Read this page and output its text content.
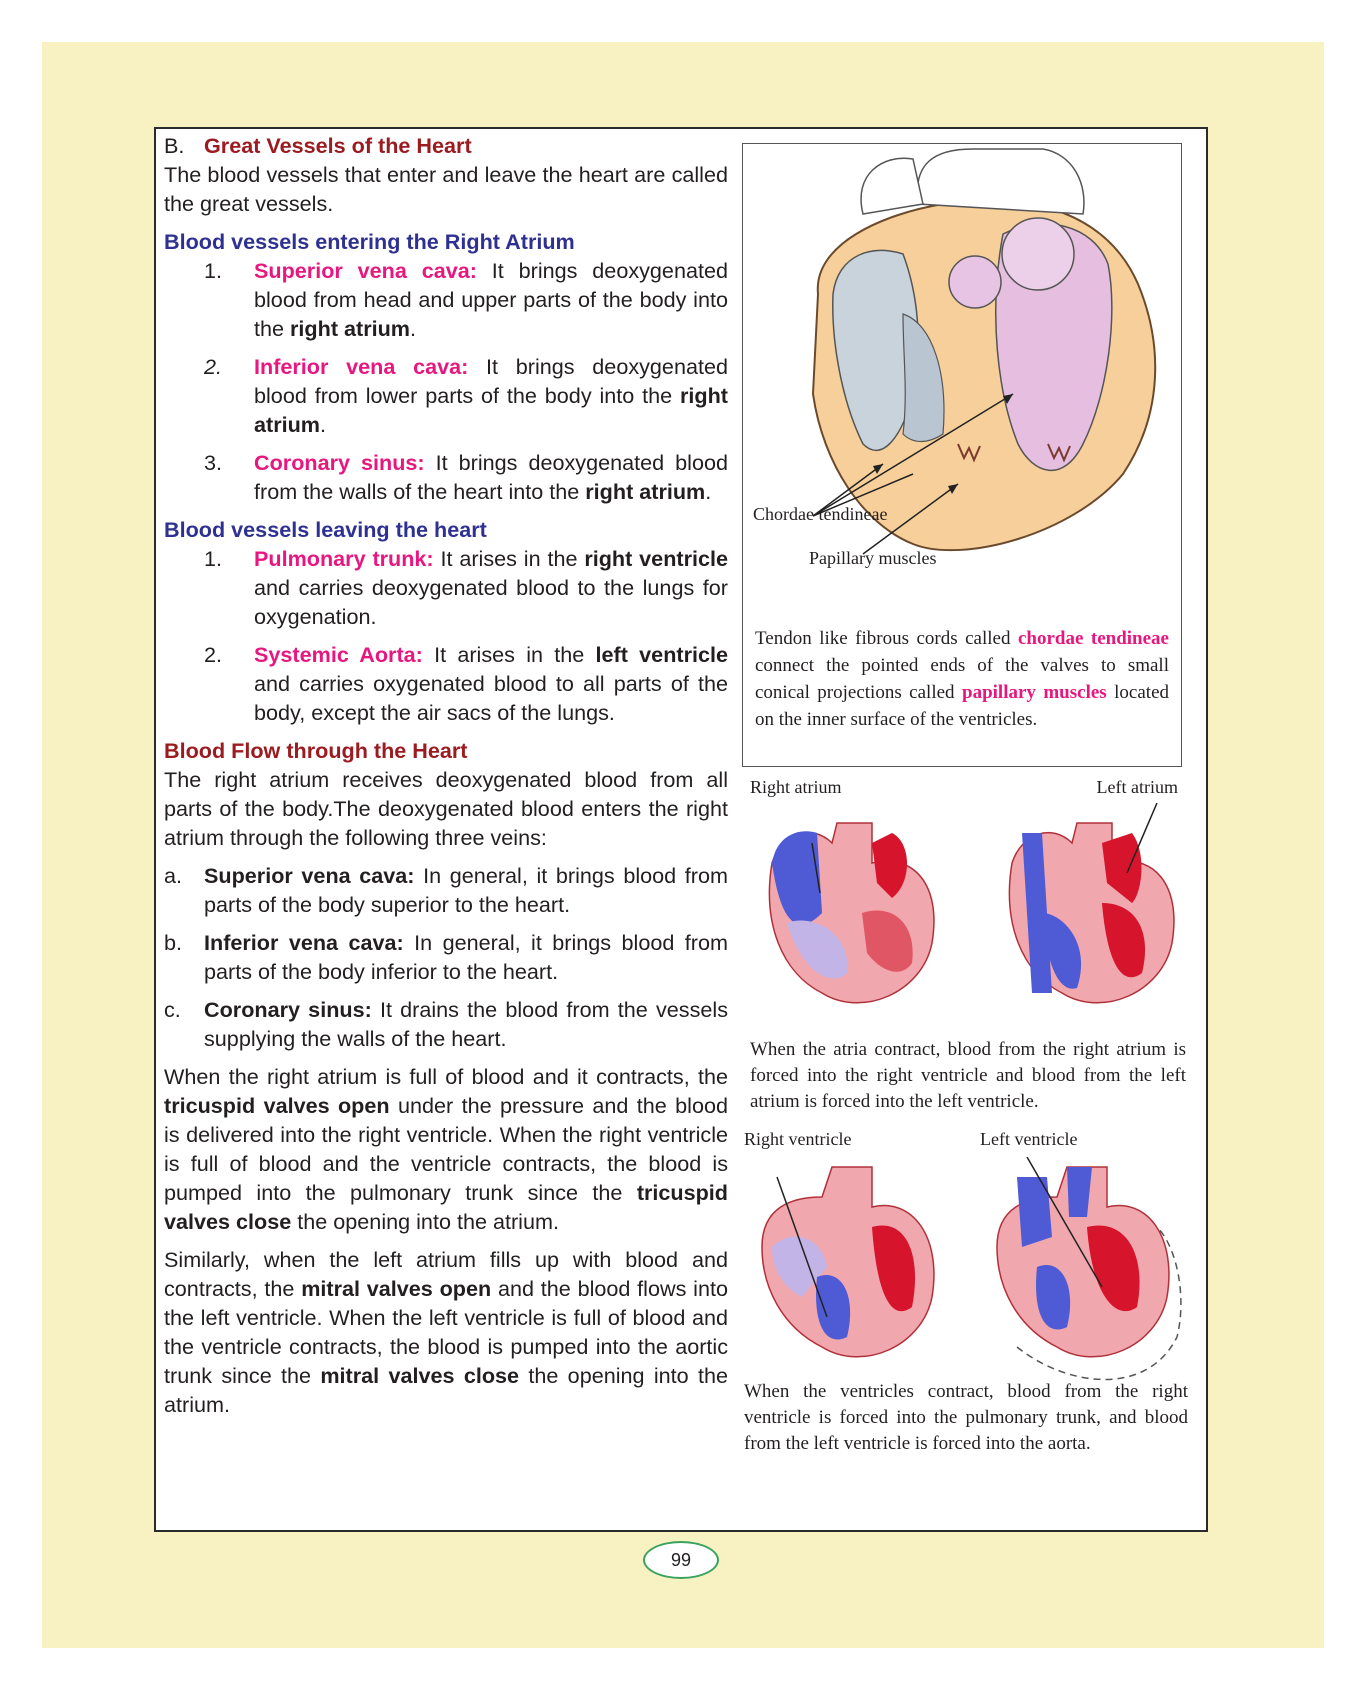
B. Great Vessels of the Heart

The blood vessels that enter and leave the heart are called the great vessels.

Blood vessels entering the Right Atrium

1.	Superior vena cava: It brings deoxygenated blood from head and upper parts of the body into the right atrium.
2.	Inferior vena cava: It brings deoxygenated blood from lower parts of the body into the right atrium.
3.	Coronary sinus: It brings deoxygenated blood from the walls of the heart into the right atrium.

Blood vessels leaving the heart

1.	Pulmonary trunk: It arises in the right ventricle and carries deoxygenated blood to the lungs for oxygenation.
2.	Systemic Aorta: It arises in the left ventricle and carries oxygenated blood to all parts of the body, except the air sacs of the lungs.

Blood Flow through the Heart

The right atrium receives deoxygenated blood from all parts of the body.The deoxygenated blood enters the right atrium through the following three veins:

a.	Superior vena cava: In general, it brings blood from parts of the body superior to the heart.
b.	Inferior vena cava: In general, it brings blood from parts of the body inferior to the heart.
c.	Coronary sinus: It drains the blood from the vessels supplying the walls of the heart.

When the right atrium is full of blood and it contracts, the tricuspid valves open under the pressure and the blood is delivered into the right ventricle. When the right ventricle is full of blood and the ventricle contracts, the blood is pumped into the pulmonary trunk since the tricuspid valves close the opening into the atrium.

Similarly, when the left atrium fills up with blood and contracts, the mitral valves open and the blood flows into the left ventricle. When the left ventricle is full of blood and the ventricle contracts, the blood is pumped into the aortic trunk since the mitral valves close the opening into the atrium.

Chordae tendineae
Papillary muscles
Tendon like fibrous cords called chordae tendineae connect the pointed ends of the valves to small conical projections called papillary muscles located on the inner surface of the ventricles.
Right atrium	Left atrium
When the atria contract, blood from the right atrium is forced into the right ventricle and blood from the left atrium is forced into the left ventricle.
Right ventricle	Left ventricle
When the ventricles contract, blood from the right ventricle is forced into the pulmonary trunk, and blood from the left ventricle is forced into the aorta.
99
